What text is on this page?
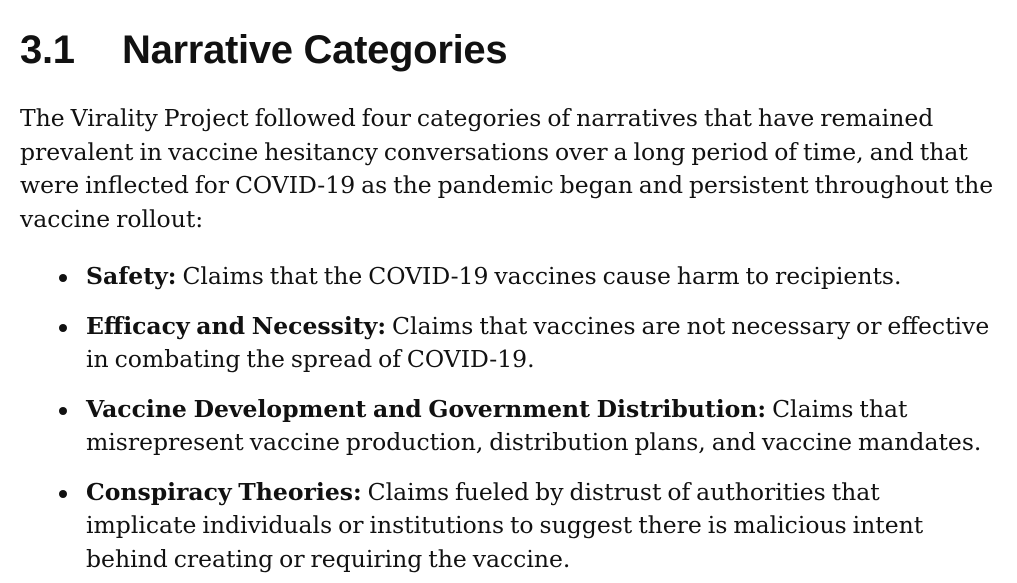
3.1	Narrative Categories

The Virality Project followed four categories of narratives that have remained prevalent in vaccine hesitancy conversations over a long period of time, and that were inflected for COVID-19 as the pandemic began and persistent throughout the vaccine rollout:

Safety: Claims that the COVID-19 vaccines cause harm to recipients.
Efficacy and Necessity: Claims that vaccines are not necessary or effective in combating the spread of COVID-19.
Vaccine Development and Government Distribution: Claims that misrepresent vaccine production, distribution plans, and vaccine mandates.
Conspiracy Theories: Claims fueled by distrust of authorities that implicate individuals or institutions to suggest there is malicious intent behind creating or requiring the vaccine.
